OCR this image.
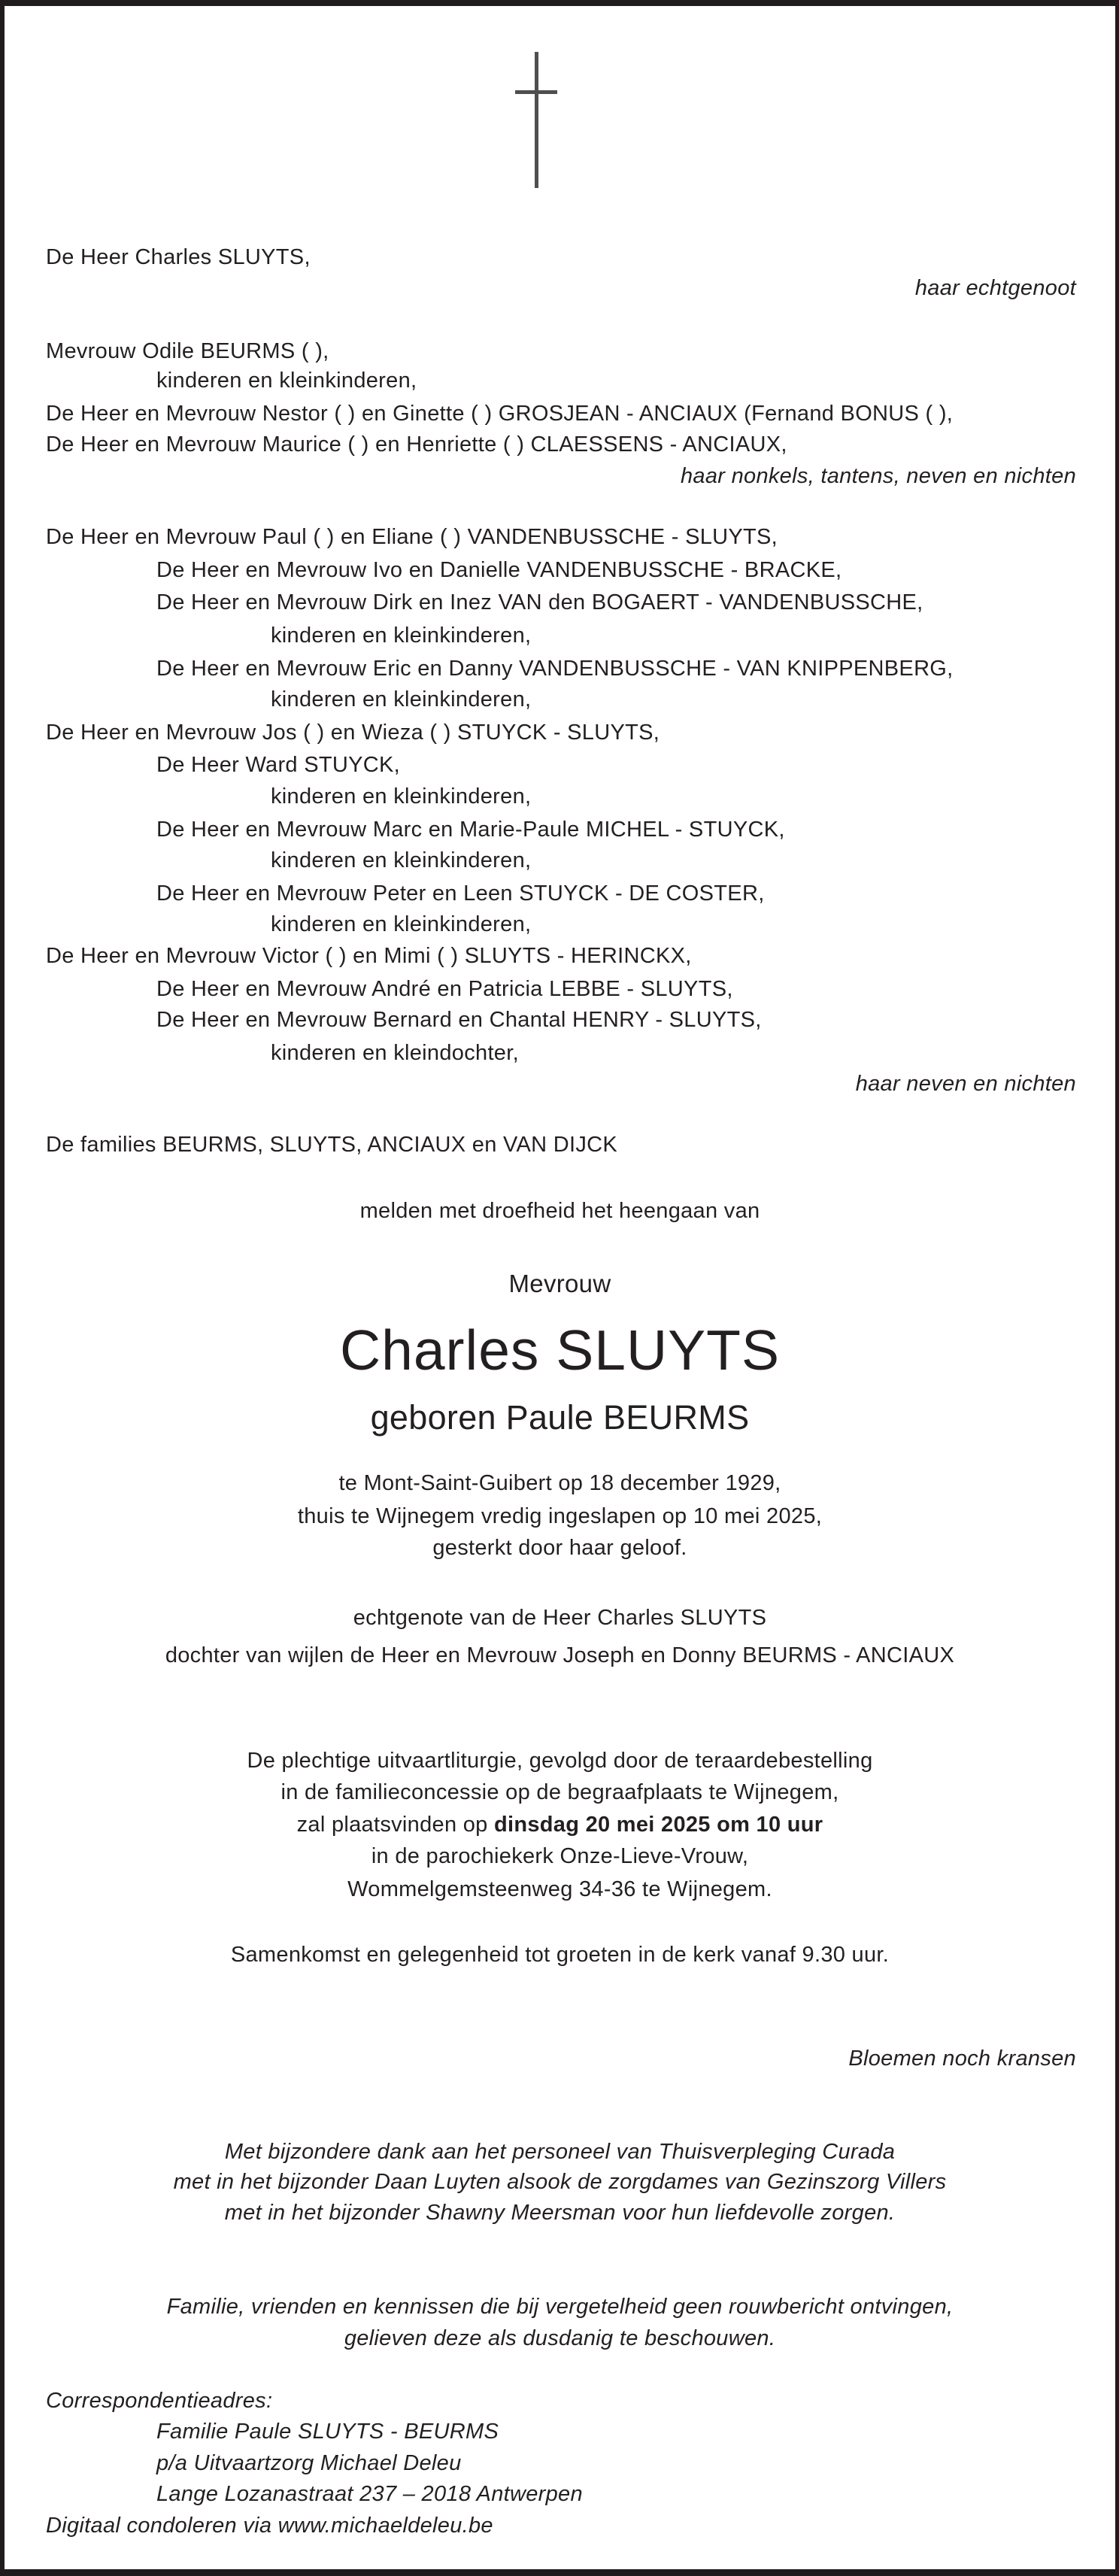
De Heer Charles SLUYTS,
haar echtgenoot
Mevrouw Odile BEURMS ( ),
kinderen en kleinkinderen,
De Heer en Mevrouw Nestor ( ) en Ginette ( ) GROSJEAN - ANCIAUX (Fernand BONUS ( ),
De Heer en Mevrouw Maurice ( ) en Henriette ( ) CLAESSENS - ANCIAUX,
haar nonkels, tantens, neven en nichten
De Heer en Mevrouw Paul ( ) en Eliane ( ) VANDENBUSSCHE - SLUYTS,
De Heer en Mevrouw Ivo en Danielle VANDENBUSSCHE - BRACKE,
De Heer en Mevrouw Dirk en Inez VAN den BOGAERT - VANDENBUSSCHE,
kinderen en kleinkinderen,
De Heer en Mevrouw Eric en Danny VANDENBUSSCHE - VAN KNIPPENBERG,
kinderen en kleinkinderen,
De Heer en Mevrouw Jos ( ) en Wieza ( ) STUYCK - SLUYTS,
De Heer Ward STUYCK,
kinderen en kleinkinderen,
De Heer en Mevrouw Marc en Marie-Paule MICHEL - STUYCK,
kinderen en kleinkinderen,
De Heer en Mevrouw Peter en Leen STUYCK - DE COSTER,
kinderen en kleinkinderen,
De Heer en Mevrouw Victor ( ) en Mimi ( ) SLUYTS - HERINCKX,
De Heer en Mevrouw André en Patricia LEBBE - SLUYTS,
De Heer en Mevrouw Bernard en Chantal HENRY - SLUYTS,
kinderen en kleindochter,
haar neven en nichten
De families BEURMS, SLUYTS, ANCIAUX en VAN DIJCK
melden met droefheid het heengaan van
Mevrouw
Charles SLUYTS
geboren Paule BEURMS
te Mont-Saint-Guibert op 18 december 1929,
thuis te Wijnegem vredig ingeslapen op 10 mei 2025,
gesterkt door haar geloof.
echtgenote van de Heer Charles SLUYTS
dochter van wijlen de Heer en Mevrouw Joseph en Donny BEURMS - ANCIAUX
De plechtige uitvaartliturgie, gevolgd door de teraardebestelling
in de familieconcessie op de begraafplaats te Wijnegem,
zal plaatsvinden op dinsdag 20 mei 2025 om 10 uur
in de parochiekerk Onze-Lieve-Vrouw,
Wommelgemsteenweg 34-36 te Wijnegem.
Samenkomst en gelegenheid tot groeten in de kerk vanaf 9.30 uur.
Bloemen noch kransen
Met bijzondere dank aan het personeel van Thuisverpleging Curada
met in het bijzonder Daan Luyten alsook de zorgdames van Gezinszorg Villers
met in het bijzonder Shawny Meersman voor hun liefdevolle zorgen.
Familie, vrienden en kennissen die bij vergetelheid geen rouwbericht ontvingen,
gelieven deze als dusdanig te beschouwen.
Correspondentieadres:
Familie Paule SLUYTS - BEURMS
p/a Uitvaartzorg Michael Deleu
Lange Lozanastraat 237 – 2018 Antwerpen
Digitaal condoleren via www.michaeldeleu.be
